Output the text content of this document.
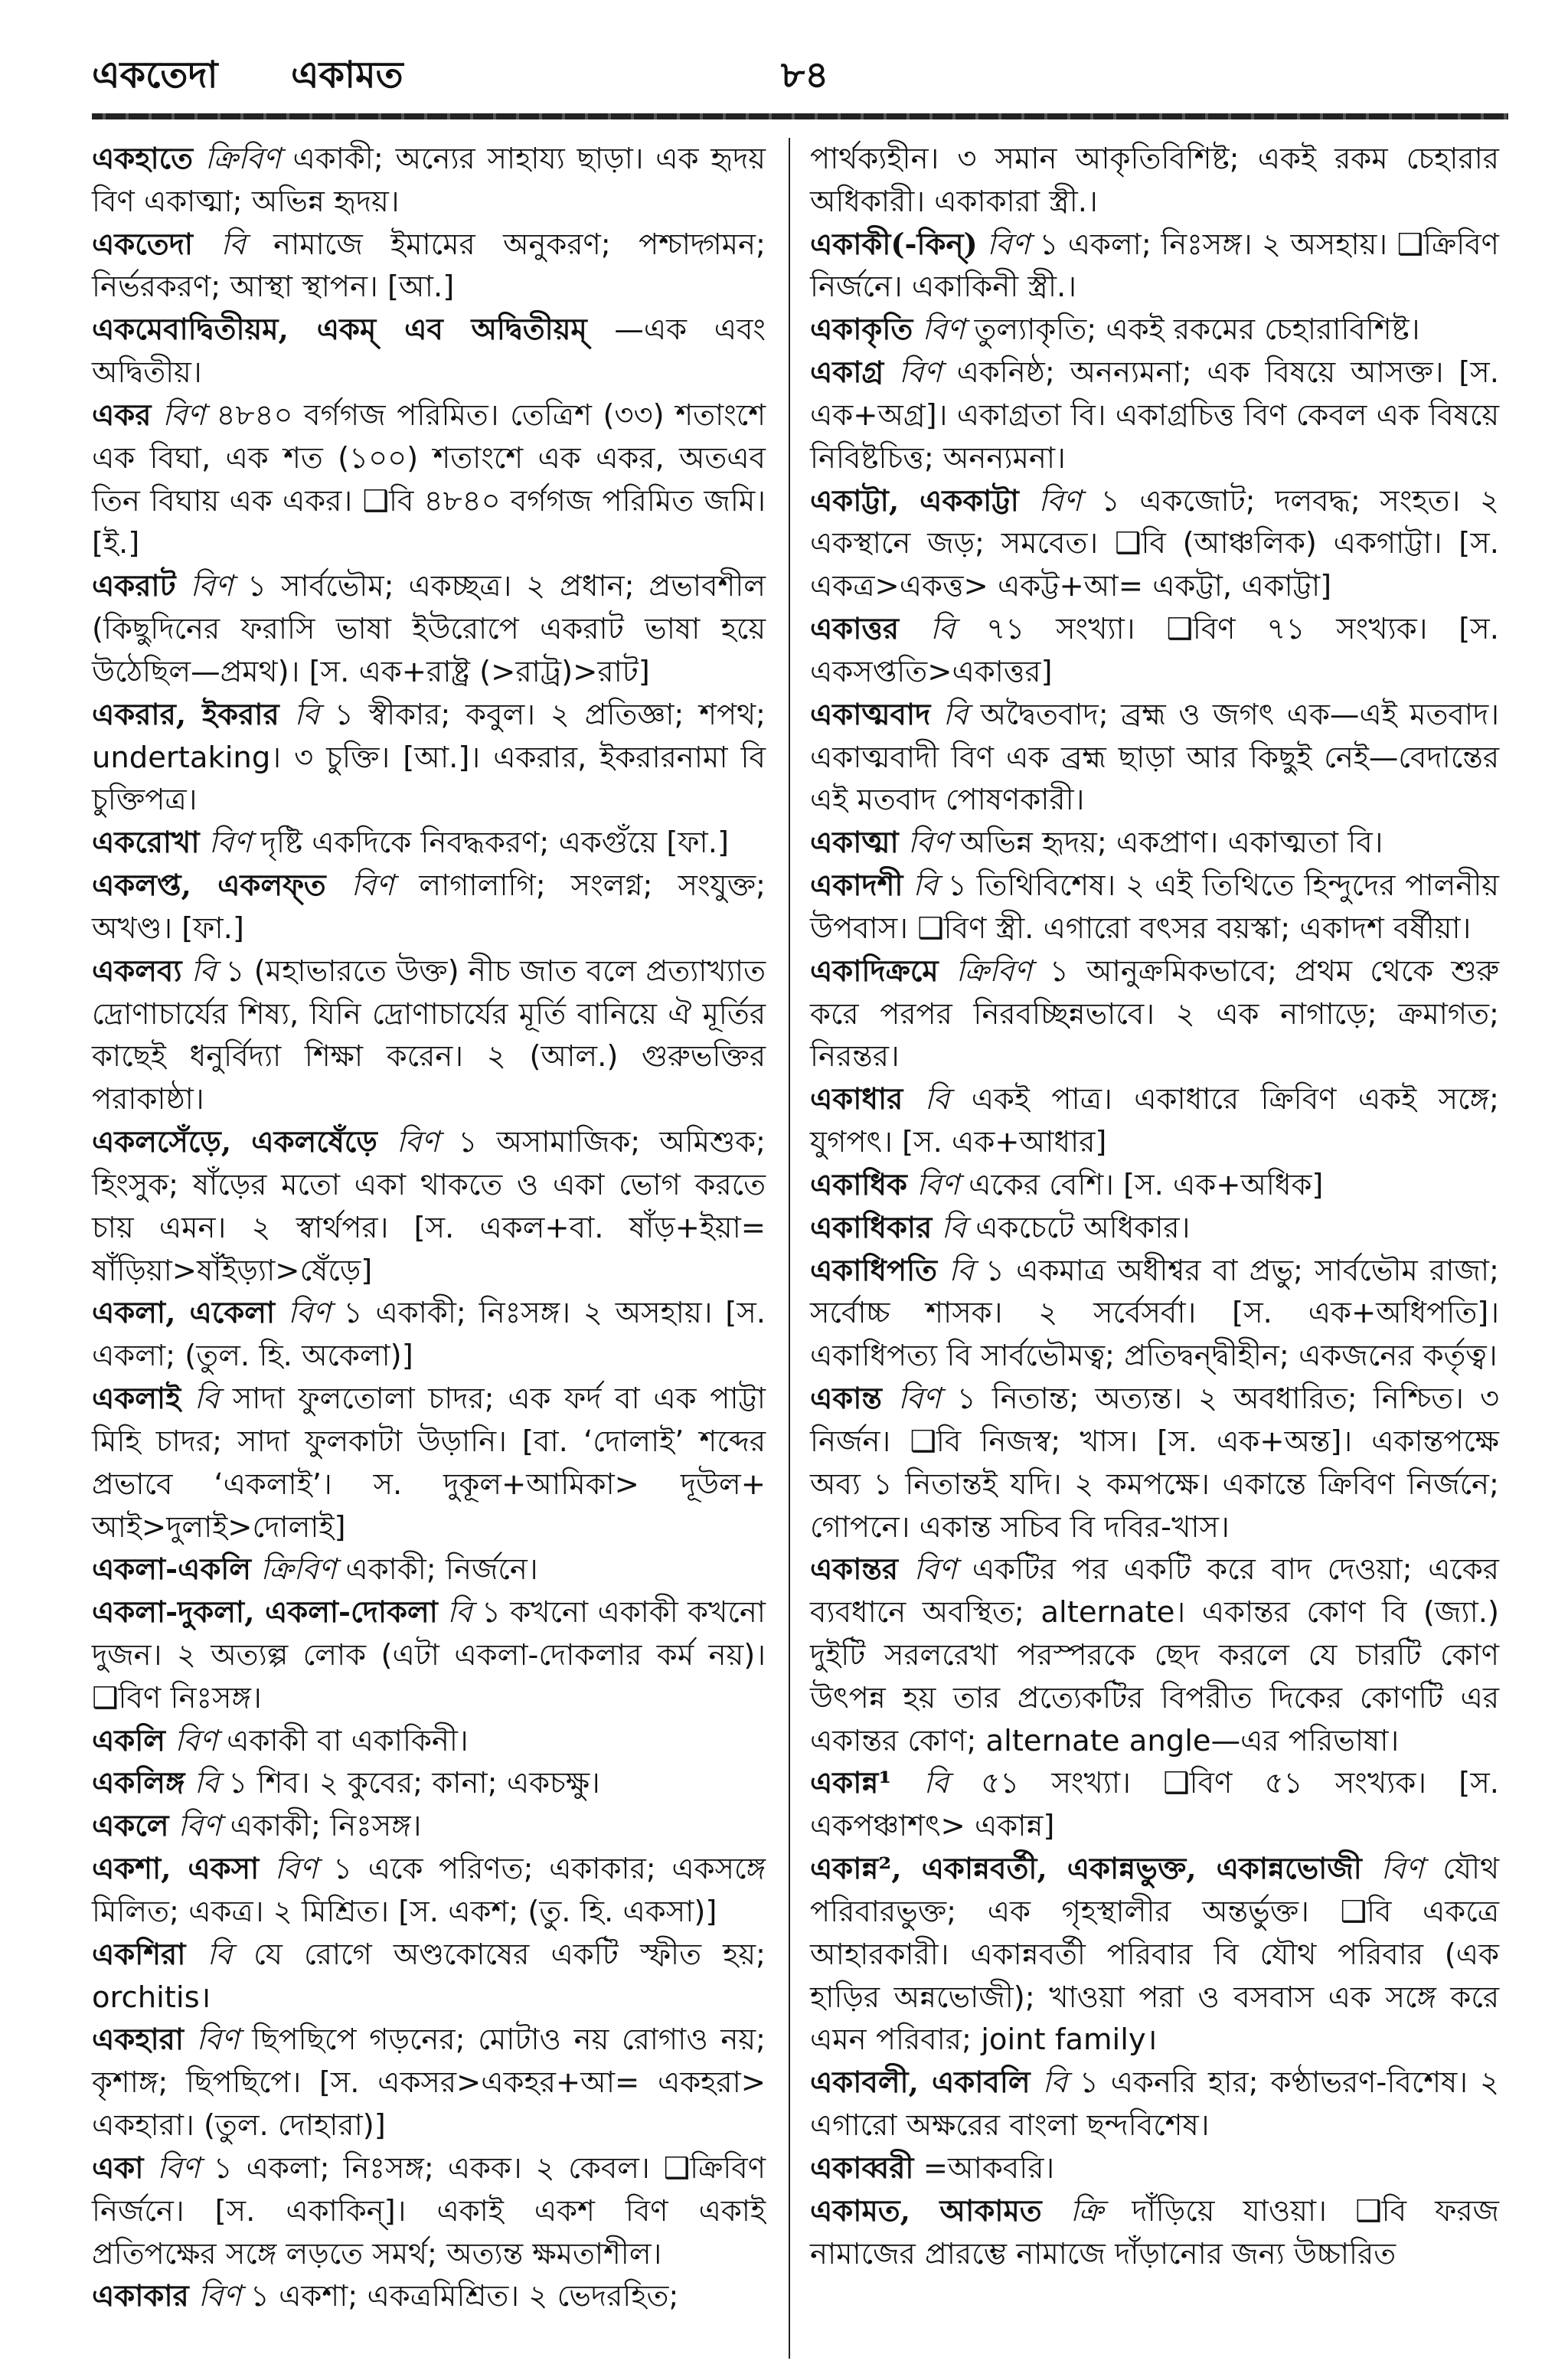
একতেদা একামত	৮৪

একহাতে ক্রিবিণ একাকী; অন্যের সাহায্য ছাড়া। এক হৃদয় বিণ একাত্মা; অভিন্ন হৃদয়।

একতেদা বি নামাজে ইমামের অনুকরণ; পশ্চাদ্গমন; নির্ভরকরণ; আস্থা স্থাপন। [আ.]

একমেবাদ্বিতীয়ম, একম্ এব অদ্বিতীয়ম্ —এক এবং অদ্বিতীয়।

একর বিণ ৪৮৪০ বর্গগজ পরিমিত। তেত্রিশ (৩৩) শতাংশে এক বিঘা, এক শত (১০০) শতাংশে এক একর, অতএব তিন বিঘায় এক একর। ❑বি ৪৮৪০ বর্গগজ পরিমিত জমি। [ই.]

একরাট বিণ ১ সার্বভৌম; একচ্ছত্র। ২ প্রধান; প্রভাবশীল (কিছুদিনের ফরাসি ভাষা ইউরোপে একরাট ভাষা হয়ে উঠেছিল—প্রমথ)। [স. এক+রাষ্ট্র (>রাট্র)>রাট]

একরার, ইকরার বি ১ স্বীকার; কবুল। ২ প্রতিজ্ঞা; শপথ; undertaking। ৩ চুক্তি। [আ.]। একরার, ইকরারনামা বি চুক্তিপত্র।

একরোখা বিণ দৃষ্টি একদিকে নিবদ্ধকরণ; একগুঁয়ে [ফা.]

একলপ্ত, একলফ্ত বিণ লাগালাগি; সংলগ্ন; সংযুক্ত; অখণ্ড। [ফা.]

একলব্য বি ১ (মহাভারতে উক্ত) নীচ জাত বলে প্রত্যাখ্যাত দ্রোণাচার্যের শিষ্য, যিনি দ্রোণাচার্যের মূর্তি বানিয়ে ঐ মূর্তির কাছেই ধনুর্বিদ্যা শিক্ষা করেন। ২ (আল.) গুরুভক্তির পরাকাষ্ঠা।

একলসেঁড়ে, একলষেঁড়ে বিণ ১ অসামাজিক; অমিশুক; হিংসুক; ষাঁড়ের মতো একা থাকতে ও একা ভোগ করতে চায় এমন। ২ স্বার্থপর। [স. একল+বা. ষাঁড়+ইয়া= ষাঁড়িয়া>ষাঁইড়্যা>ষেঁড়ে]

একলা, একেলা বিণ ১ একাকী; নিঃসঙ্গ। ২ অসহায়। [স. একলা; (তুল. হি. অকেলা)]

একলাই বি সাদা ফুলতোলা চাদর; এক ফর্দ বা এক পাট্টা মিহি চাদর; সাদা ফুলকাটা উড়ানি। [বা. ‘দোলাই’ শব্দের প্রভাবে ‘একলাই’। স. দুকূল+আমিকা> দূউল+ আই>দুলাই>দোলাই]

একলা-একলি ক্রিবিণ একাকী; নির্জনে।

একলা-দুকলা, একলা-দোকলা বি ১ কখনো একাকী কখনো দুজন। ২ অত্যল্প লোক (এটা একলা-দোকলার কর্ম নয়)। ❑বিণ নিঃসঙ্গ।

একলি বিণ একাকী বা একাকিনী।

একলিঙ্গ বি ১ শিব। ২ কুবের; কানা; একচক্ষু।

একলে বিণ একাকী; নিঃসঙ্গ।

একশা, একসা বিণ ১ একে পরিণত; একাকার; একসঙ্গে মিলিত; একত্র। ২ মিশ্রিত। [স. একশ; (তু. হি. একসা)]

একশিরা বি যে রোগে অণ্ডকোষের একটি স্ফীত হয়; orchitis।

একহারা বিণ ছিপছিপে গড়নের; মোটাও নয় রোগাও নয়; কৃশাঙ্গ; ছিপছিপে। [স. একসর>একহর+আ= একহরা> একহারা। (তুল. দোহারা)]

একা বিণ ১ একলা; নিঃসঙ্গ; একক। ২ কেবল। ❑ক্রিবিণ নির্জনে। [স. একাকিন্]। একাই একশ বিণ একাই প্রতিপক্ষের সঙ্গে লড়তে সমর্থ; অত্যন্ত ক্ষমতাশীল।

একাকার বিণ ১ একশা; একত্রমিশ্রিত। ২ ভেদরহিত;

পার্থক্যহীন। ৩ সমান আকৃতিবিশিষ্ট; একই রকম চেহারার অধিকারী। একাকারা স্ত্রী.।

একাকী(-কিন্) বিণ ১ একলা; নিঃসঙ্গ। ২ অসহায়। ❑ক্রিবিণ নির্জনে। একাকিনী স্ত্রী.।

একাকৃতি বিণ তুল্যাকৃতি; একই রকমের চেহারাবিশিষ্ট।

একাগ্র বিণ একনিষ্ঠ; অনন্যমনা; এক বিষয়ে আসক্ত। [স. এক+অগ্র]। একাগ্রতা বি। একাগ্রচিত্ত বিণ কেবল এক বিষয়ে নিবিষ্টচিত্ত; অনন্যমনা।

একাট্টা, এককাট্টা বিণ ১ একজোট; দলবদ্ধ; সংহত। ২ একস্থানে জড়; সমবেত। ❑বি (আঞ্চলিক) একগাট্টা। [স. একত্র>একত্ত> একট্ট+আ= একট্টা, একাট্টা]

একাত্তর বি ৭১ সংখ্যা। ❑বিণ ৭১ সংখ্যক। [স. একসপ্ততি>একাত্তর]

একাত্মবাদ বি অদ্বৈতবাদ; ব্রহ্ম ও জগৎ এক—এই মতবাদ। একাত্মবাদী বিণ এক ব্রহ্ম ছাড়া আর কিছুই নেই—বেদান্তের এই মতবাদ পোষণকারী।

একাত্মা বিণ অভিন্ন হৃদয়; একপ্রাণ। একাত্মতা বি।

একাদশী বি ১ তিথিবিশেষ। ২ এই তিথিতে হিন্দুদের পালনীয় উপবাস। ❑বিণ স্ত্রী. এগারো বৎসর বয়স্কা; একাদশ বর্ষীয়া।

একাদিক্রমে ক্রিবিণ ১ আনুক্রমিকভাবে; প্রথম থেকে শুরু করে পরপর নিরবচ্ছিন্নভাবে। ২ এক নাগাড়ে; ক্রমাগত; নিরন্তর।

একাধার বি একই পাত্র। একাধারে ক্রিবিণ একই সঙ্গে; যুগপৎ। [স. এক+আধার]

একাধিক বিণ একের বেশি। [স. এক+অধিক]

একাধিকার বি একচেটে অধিকার।

একাধিপতি বি ১ একমাত্র অধীশ্বর বা প্রভু; সার্বভৌম রাজা; সর্বোচ্চ শাসক। ২ সর্বেসর্বা। [স. এক+অধিপতি]। একাধিপত্য বি সার্বভৌমত্ব; প্রতিদ্বন্দ্বীহীন; একজনের কর্তৃত্ব।

একান্ত বিণ ১ নিতান্ত; অত্যন্ত। ২ অবধারিত; নিশ্চিত। ৩ নির্জন। ❑বি নিজস্ব; খাস। [স. এক+অন্ত]। একান্তপক্ষে অব্য ১ নিতান্তই যদি। ২ কমপক্ষে। একান্তে ক্রিবিণ নির্জনে; গোপনে। একান্ত সচিব বি দবির-খাস।

একান্তর বিণ একটির পর একটি করে বাদ দেওয়া; একের ব্যবধানে অবস্থিত; alternate। একান্তর কোণ বি (জ্যা.) দুইটি সরলরেখা পরস্পরকে ছেদ করলে যে চারটি কোণ উৎপন্ন হয় তার প্রত্যেকটির বিপরীত দিকের কোণটি এর একান্তর কোণ; alternate angle—এর পরিভাষা।

একান্ন¹ বি ৫১ সংখ্যা। ❑বিণ ৫১ সংখ্যক। [স. একপঞ্চাশৎ> একান্ন]

একান্ন², একান্নবর্তী, একান্নভুক্ত, একান্নভোজী বিণ যৌথ পরিবারভুক্ত; এক গৃহস্থালীর অন্তর্ভুক্ত। ❑বি একত্রে আহারকারী। একান্নবর্তী পরিবার বি যৌথ পরিবার (এক হাড়ির অন্নভোজী); খাওয়া পরা ও বসবাস এক সঙ্গে করে এমন পরিবার; joint family।

একাবলী, একাবলি বি ১ একনরি হার; কণ্ঠাভরণ-বিশেষ। ২ এগারো অক্ষরের বাংলা ছন্দবিশেষ।

একাব্বরী =আকবরি।

একামত, আকামত ক্রি দাঁড়িয়ে যাওয়া। ❑বি ফরজ নামাজের প্রারম্ভে নামাজে দাঁড়ানোর জন্য উচ্চারিত
